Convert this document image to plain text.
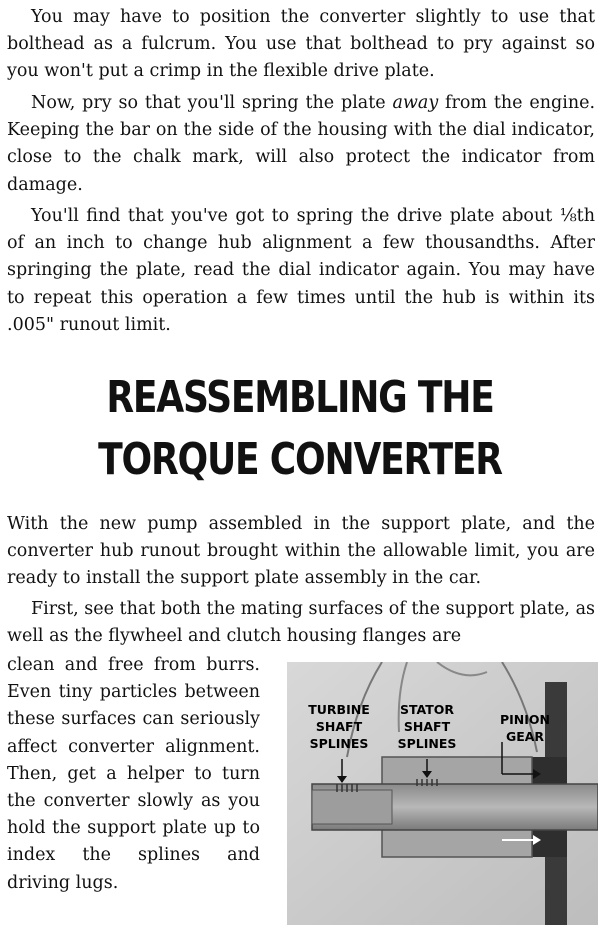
You may have to position the converter slightly to use that bolthead as a fulcrum. You use that bolthead to pry against so you won't put a crimp in the flexible drive plate.

Now, pry so that you'll spring the plate away from the engine. Keeping the bar on the side of the housing with the dial indicator, close to the chalk mark, will also protect the indicator from damage.

You'll find that you've got to spring the drive plate about ⅛th of an inch to change hub alignment a few thousandths. After springing the plate, read the dial indicator again. You may have to repeat this operation a few times until the hub is within its .005" runout limit.

REASSEMBLING THE
TORQUE CONVERTER

With the new pump assembled in the support plate, and the converter hub runout brought within the allowable limit, you are ready to install the support plate assembly in the car.

First, see that both the mating surfaces of the support plate, as well as the flywheel and clutch housing flanges are

clean and free from burrs. Even tiny particles between these surfaces can seriously affect converter alignment. Then, get a helper to turn the converter slowly as you hold the support plate up to index the splines and driving lugs.

TURBINE
SHAFT
SPLINES
STATOR
SHAFT
SPLINES
PINION
GEAR
